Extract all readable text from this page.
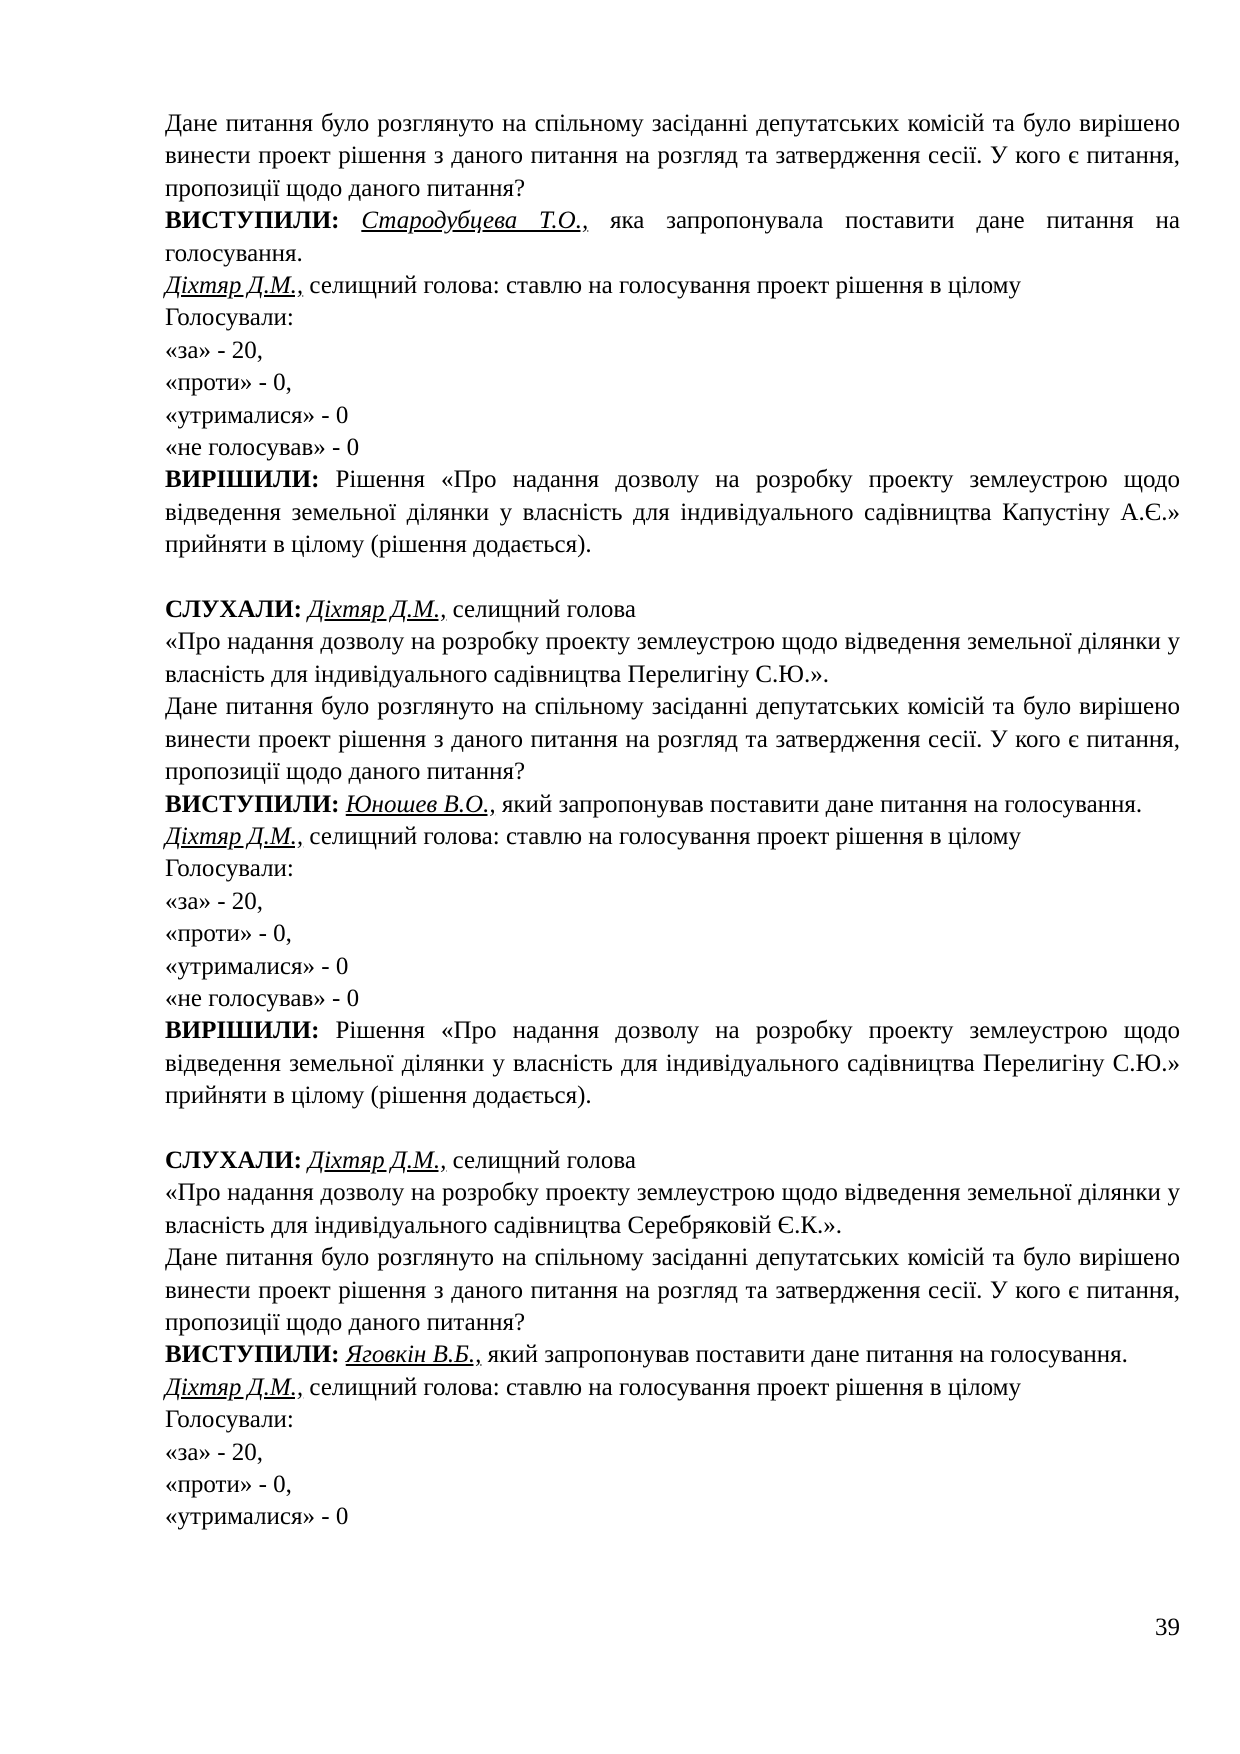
Дане питання було розглянуто на спільному засіданні депутатських комісій та було вирішено винести проект рішення з даного питання на розгляд та затвердження сесії. У кого є питання, пропозиції щодо даного питання?

ВИСТУПИЛИ: Стародубцева Т.О., яка запропонувала поставити дане питання на голосування.

Діхтяр Д.М., селищний голова: ставлю на голосування проект рішення в цілому

Голосували:

«за» - 20,

«проти» - 0,

«утрималися» - 0

«не голосував» - 0

ВИРІШИЛИ: Рішення «Про надання дозволу на розробку проекту землеустрою щодо відведення земельної ділянки у власність для індивідуального садівництва Капустіну А.Є.» прийняти в цілому (рішення додається).

СЛУХАЛИ: Діхтяр Д.М., селищний голова

«Про надання дозволу на розробку проекту землеустрою щодо відведення земельної ділянки у власність для індивідуального садівництва Перелигіну С.Ю.».

Дане питання було розглянуто на спільному засіданні депутатських комісій та було вирішено винести проект рішення з даного питання на розгляд та затвердження сесії. У кого є питання, пропозиції щодо даного питання?

ВИСТУПИЛИ: Юношев В.О., який запропонував поставити дане питання на голосування.

Діхтяр Д.М., селищний голова: ставлю на голосування проект рішення в цілому

Голосували:

«за» - 20,

«проти» - 0,

«утрималися» - 0

«не голосував» - 0

ВИРІШИЛИ: Рішення «Про надання дозволу на розробку проекту землеустрою щодо відведення земельної ділянки у власність для індивідуального садівництва Перелигіну С.Ю.» прийняти в цілому (рішення додається).

СЛУХАЛИ: Діхтяр Д.М., селищний голова

«Про надання дозволу на розробку проекту землеустрою щодо відведення земельної ділянки у власність для індивідуального садівництва Серебряковій Є.К.».

Дане питання було розглянуто на спільному засіданні депутатських комісій та було вирішено винести проект рішення з даного питання на розгляд та затвердження сесії. У кого є питання, пропозиції щодо даного питання?

ВИСТУПИЛИ: Яговкін В.Б., який запропонував поставити дане питання на голосування.

Діхтяр Д.М., селищний голова: ставлю на голосування проект рішення в цілому

Голосували:

«за» - 20,

«проти» - 0,

«утрималися» - 0

39
